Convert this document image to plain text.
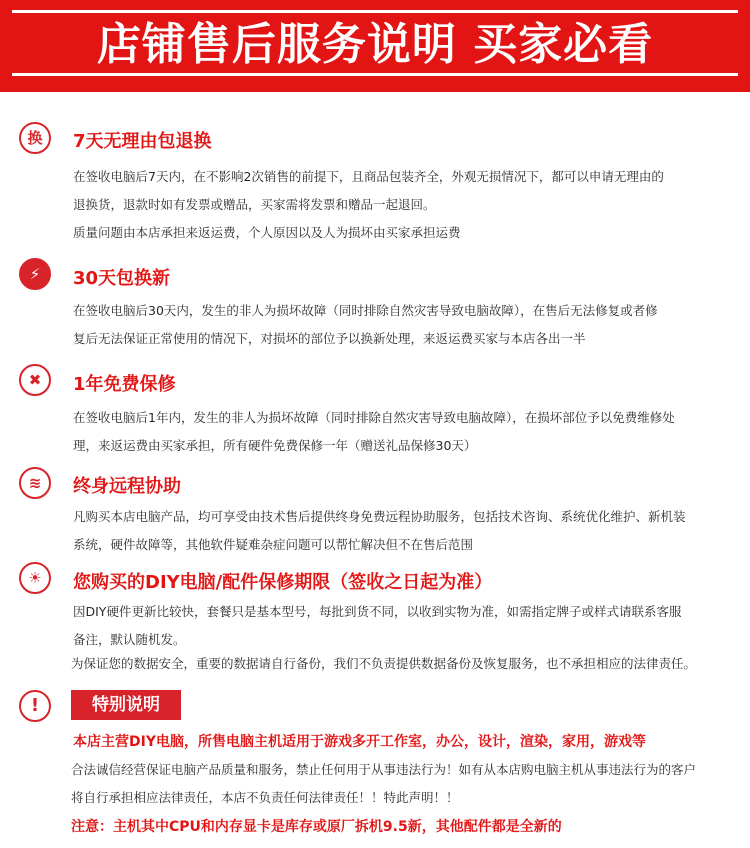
店铺售后服务说明 买家必看
换	7天无理由包退换
在签收电脑后7天内，在不影响2次销售的前提下，且商品包装齐全，外观无损情况下，都可以申请无理由的
退换货，退款时如有发票或赠品，买家需将发票和赠品一起退回。
质量问题由本店承担来返运费，个人原因以及人为损坏由买家承担运费
⚡	30天包换新
在签收电脑后30天内，发生的非人为损坏故障（同时排除自然灾害导致电脑故障），在售后无法修复或者修
复后无法保证正常使用的情况下，对损坏的部位予以换新处理，来返运费买家与本店各出一半
✖	1年免费保修
在签收电脑后1年内，发生的非人为损坏故障（同时排除自然灾害导致电脑故障），在损坏部位予以免费维修处
理，来返运费由买家承担，所有硬件免费保修一年（赠送礼品保修30天）
≋	终身远程协助
凡购买本店电脑产品，均可享受由技术售后提供终身免费远程协助服务，包括技术咨询、系统优化维护、新机装
系统，硬件故障等，其他软件疑难杂症问题可以帮忙解决但不在售后范围
☀	您购买的DIY电脑/配件保修期限（签收之日起为准）
因DIY硬件更新比较快，套餐只是基本型号，每批到货不同，以收到实物为准，如需指定牌子或样式请联系客服
备注，默认随机发。
为保证您的数据安全，重要的数据请自行备份，我们不负责提供数据备份及恢复服务，也不承担相应的法律责任。
!	特别说明
本店主营DIY电脑，所售电脑主机适用于游戏多开工作室，办公，设计，渲染，家用，游戏等
合法诚信经营保证电脑产品质量和服务，禁止任何用于从事违法行为！如有从本店购电脑主机从事违法行为的客户
将自行承担相应法律责任，本店不负责任何法律责任！！特此声明！！
注意：主机其中CPU和内存显卡是库存或原厂拆机9.5新，其他配件都是全新的
